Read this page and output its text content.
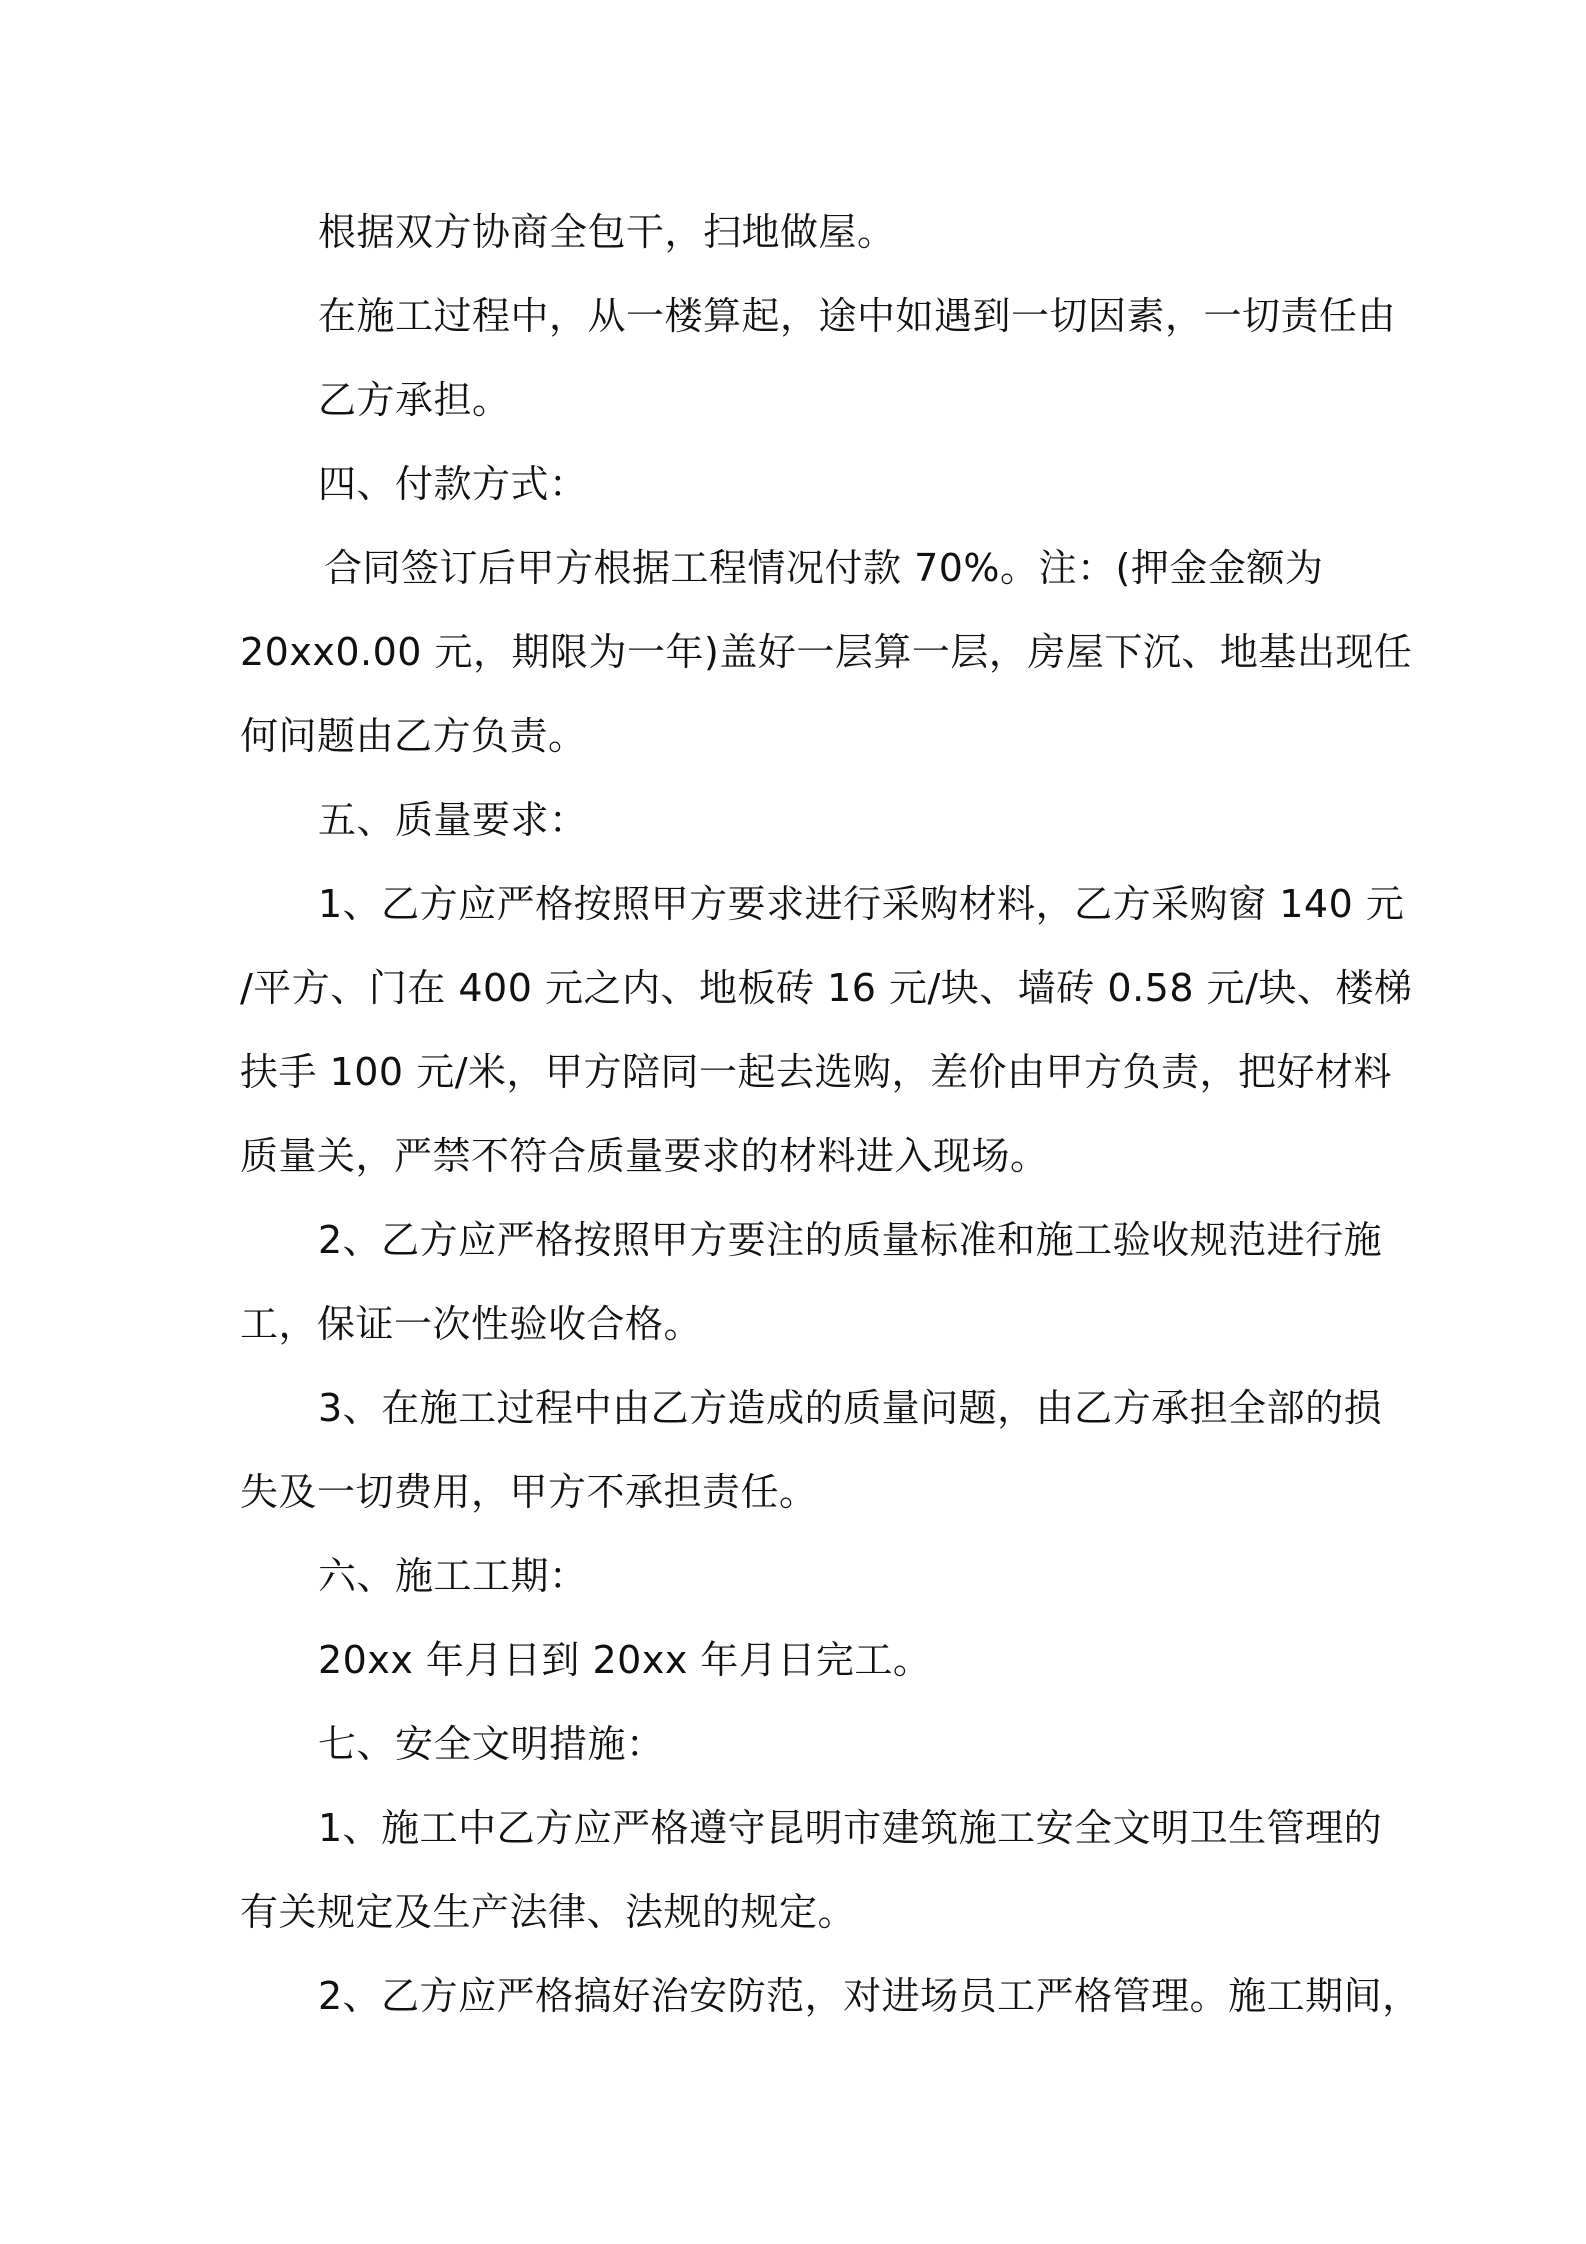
根据双方协商全包干，扫地做屋。
在施工过程中，从一楼算起，途中如遇到一切因素，一切责任由
乙方承担。
四、付款方式：
合同签订后甲方根据工程情况付款 70%。注：(押金金额为
20xx0.00 元，期限为一年)盖好一层算一层，房屋下沉、地基出现任
何问题由乙方负责。
五、质量要求：
1、乙方应严格按照甲方要求进行采购材料，乙方采购窗 140 元
/平方、门在 400 元之内、地板砖 16 元/块、墙砖 0.58 元/块、楼梯
扶手 100 元/米，甲方陪同一起去选购，差价由甲方负责，把好材料
质量关，严禁不符合质量要求的材料进入现场。
2、乙方应严格按照甲方要注的质量标准和施工验收规范进行施
工，保证一次性验收合格。
3、在施工过程中由乙方造成的质量问题，由乙方承担全部的损
失及一切费用，甲方不承担责任。
六、施工工期：
20xx 年月日到 20xx 年月日完工。
七、安全文明措施：
1、施工中乙方应严格遵守昆明市建筑施工安全文明卫生管理的
有关规定及生产法律、法规的规定。
2、乙方应严格搞好治安防范，对进场员工严格管理。施工期间，
